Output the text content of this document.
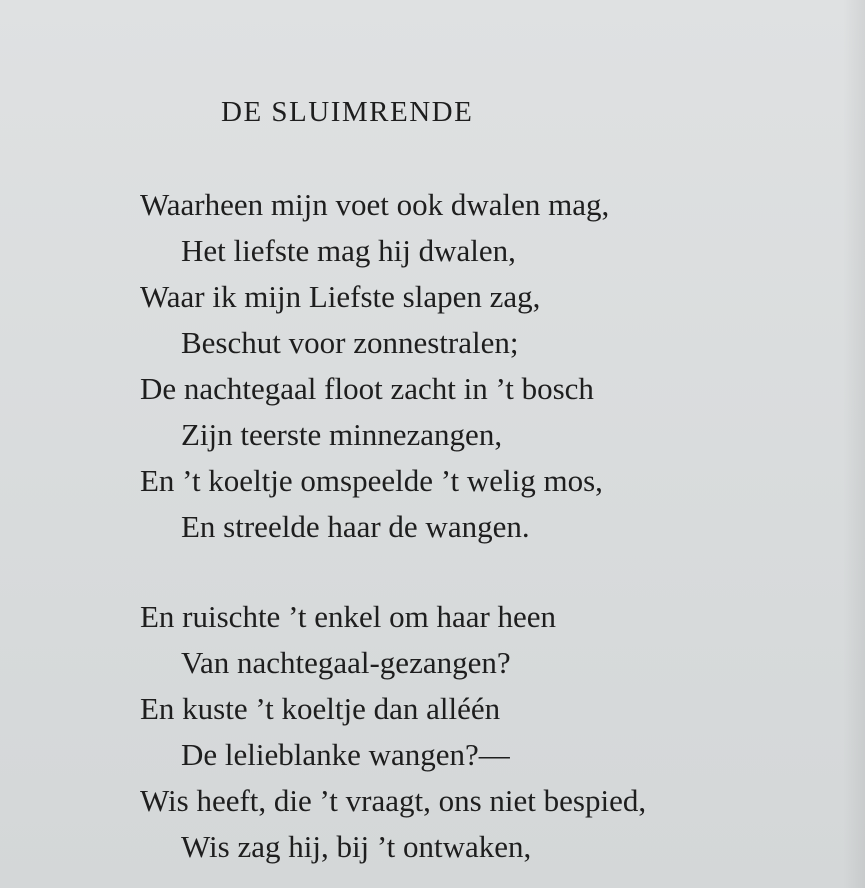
DE SLUIMRENDE
Waarheen mijn voet ook dwalen mag,
Het liefste mag hij dwalen,
Waar ik mijn Liefste slapen zag,
Beschut voor zonnestralen;
De nachtegaal floot zacht in ’t bosch
Zijn teerste minnezangen,
En ’t koeltje omspeelde ’t welig mos,
En streelde haar de wangen.
En ruischte ’t enkel om haar heen
Van nachtegaal-gezangen?
En kuste ’t koeltje dan alléén
De lelieblanke wangen?—
Wis heeft, die ’t vraagt, ons niet bespied,
Wis zag hij, bij ’t ontwaken,
